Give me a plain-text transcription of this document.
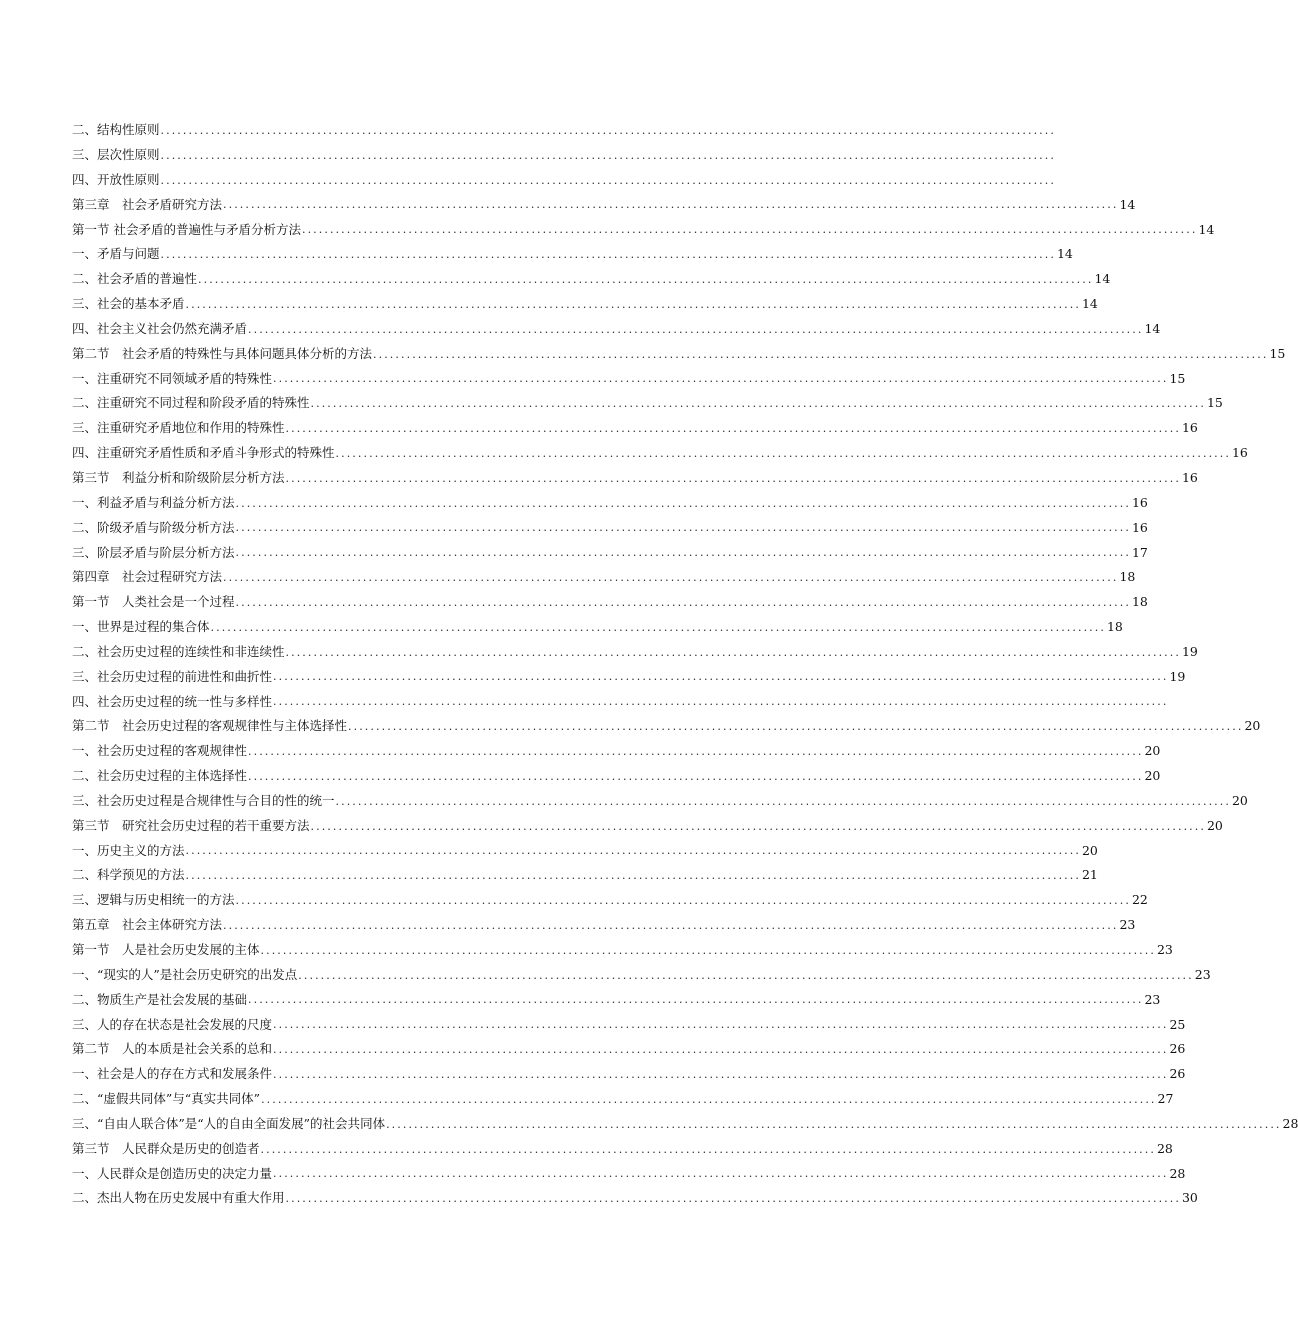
二、结构性原则 ................................................................................................................................................................
三、层次性原则 ................................................................................................................................................................
四、开放性原则 ................................................................................................................................................................
第三章　社会矛盾研究方法 ................................................................................................................................................................ 14
第一节 社会矛盾的普遍性与矛盾分析方法 ................................................................................................................................................................ 14
一、矛盾与问题 ................................................................................................................................................................ 14
二、社会矛盾的普遍性 ................................................................................................................................................................ 14
三、社会的基本矛盾 ................................................................................................................................................................ 14
四、社会主义社会仍然充满矛盾 ................................................................................................................................................................ 14
第二节　社会矛盾的特殊性与具体问题具体分析的方法 ................................................................................................................................................................ 15
一、注重研究不同领域矛盾的特殊性 ................................................................................................................................................................ 15
二、注重研究不同过程和阶段矛盾的特殊性 ................................................................................................................................................................ 15
三、注重研究矛盾地位和作用的特殊性 ................................................................................................................................................................ 16
四、注重研究矛盾性质和矛盾斗争形式的特殊性 ................................................................................................................................................................ 16
第三节　利益分析和阶级阶层分析方法 ................................................................................................................................................................ 16
一、利益矛盾与利益分析方法 ................................................................................................................................................................ 16
二、阶级矛盾与阶级分析方法 ................................................................................................................................................................ 16
三、阶层矛盾与阶层分析方法 ................................................................................................................................................................ 17
第四章　社会过程研究方法 ................................................................................................................................................................ 18
第一节　人类社会是一个过程 ................................................................................................................................................................ 18
一、世界是过程的集合体 ................................................................................................................................................................ 18
二、社会历史过程的连续性和非连续性 ................................................................................................................................................................ 19
三、社会历史过程的前进性和曲折性 ................................................................................................................................................................ 19
四、社会历史过程的统一性与多样性 ................................................................................................................................................................
第二节　社会历史过程的客观规律性与主体选择性 ................................................................................................................................................................ 20
一、社会历史过程的客观规律性 ................................................................................................................................................................ 20
二、社会历史过程的主体选择性 ................................................................................................................................................................ 20
三、社会历史过程是合规律性与合目的性的统一 ................................................................................................................................................................ 20
第三节　研究社会历史过程的若干重要方法 ................................................................................................................................................................ 20
一、历史主义的方法 ................................................................................................................................................................ 20
二、科学预见的方法 ................................................................................................................................................................ 21
三、逻辑与历史相统一的方法 ................................................................................................................................................................ 22
第五章　社会主体研究方法 ................................................................................................................................................................ 23
第一节　人是社会历史发展的主体 ................................................................................................................................................................ 23
一、“现实的人”是社会历史研究的出发点 ................................................................................................................................................................ 23
二、物质生产是社会发展的基础 ................................................................................................................................................................ 23
三、人的存在状态是社会发展的尺度 ................................................................................................................................................................ 25
第二节　人的本质是社会关系的总和 ................................................................................................................................................................ 26
一、社会是人的存在方式和发展条件 ................................................................................................................................................................ 26
二、“虚假共同体”与“真实共同体” ................................................................................................................................................................ 27
三、“自由人联合体”是“人的自由全面发展”的社会共同体 ................................................................................................................................................................ 28
第三节　人民群众是历史的创造者 ................................................................................................................................................................ 28
一、人民群众是创造历史的决定力量 ................................................................................................................................................................ 28
二、杰出人物在历史发展中有重大作用 ................................................................................................................................................................ 30
